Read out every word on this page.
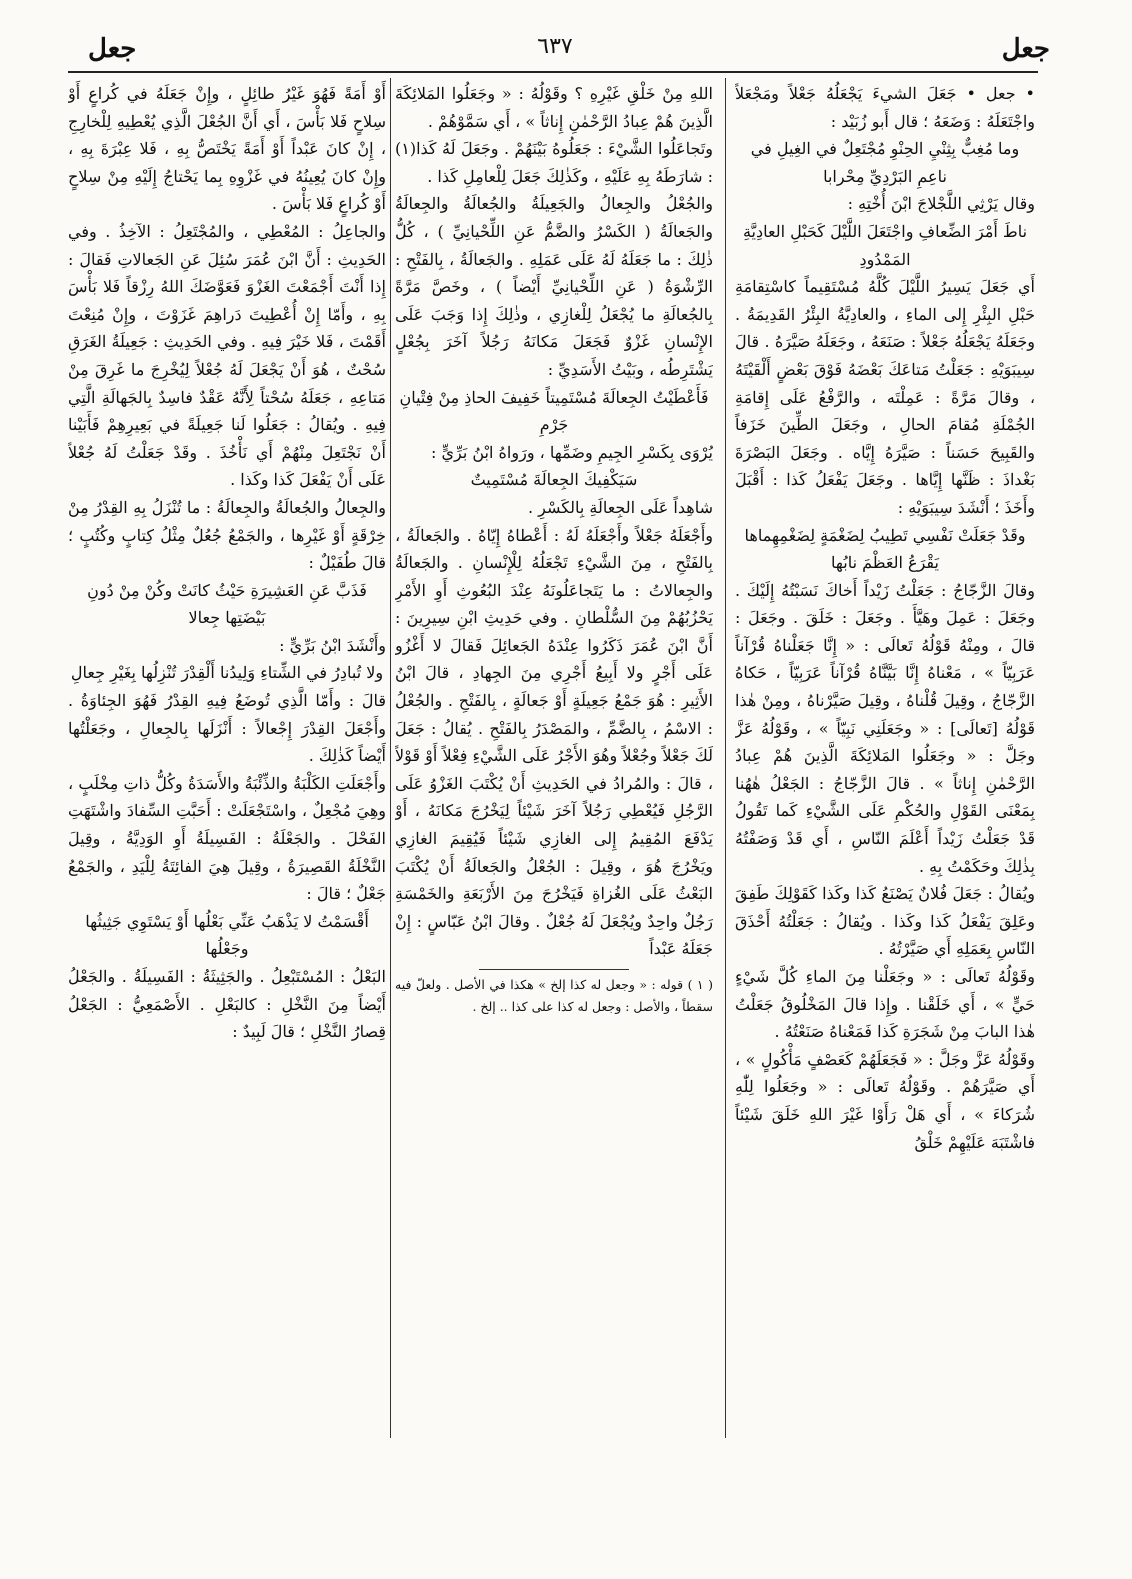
جعل	٦٣٧	جعل

• جعل • جَعَلَ الشيءَ يَجْعَلُهُ جَعْلاً ومَجْعَلاً واجْتَعَلَهُ : وَضَعَهُ ؛ قال أَبو زُبَيْد :

وما مُغِبٌّ بِثِنْيِ الحِنْوِ مُجْتَعِلٌ في الغِيلِ في ناعِمِ البَرْدِيِّ مِحْرابا

وقال يَرْثِي اللَّجْلاجَ ابْنَ أُخْتِهِ :

ناطَ أَمْرَ الضِّعافِ واجْتَعَلَ اللَّيْلَ كَحَبْلِ العادِيَّةِ المَمْدُودِ

أَي جَعَلَ يَسِيرُ اللَّيْلَ كُلَّهُ مُسْتَقِيماً كاسْتِقامَةِ حَبْلِ البِئْرِ إِلى الماءِ ، والعادِيَّةُ البِئْرُ القَدِيمَةُ . وجَعَلَهُ يَجْعَلُهُ جَعْلاً : صَنَعَهُ ، وجَعَلَهُ صَيَّرَهُ . قالَ سِيبَوَيْهِ : جَعَلْتُ مَتاعَكَ بَعْضَهُ فَوْقَ بَعْضٍ أَلْقَيْتَهُ ، وقالَ مَرَّةً : عَمِلْتَه ، والرَّفْعُ عَلَى إِقامَةِ الجُمْلَةِ مُقامَ الحالِ ، وجَعَلَ الطِّينَ خَزَفاً والقَبِيحَ حَسَناً : صَيَّرَهُ إِيَّاه . وجَعَلَ البَصْرَةَ بَغْداذَ : ظَنَّها إِيَّاها . وجَعَلَ يَفْعَلُ كَذا : أَقْبَلَ وأَخَذَ ؛ أَنْشَدَ سِيبَوَيْهِ :

وقَدْ جَعَلَتْ نَفْسِي تَطِيبُ لِضَغْمَةٍ لِضَغْمِهِماها يَقْرَعُ العَظْمَ نابُها

وقالَ الزَّجّاجُ : جَعَلْتُ زَيْداً أَخاكَ نَسَبْتُهُ إِلَيْكَ . وجَعَلَ : عَمِلَ وهَيَّأَ . وجَعَلَ : خَلَقَ . وجَعَلَ : قالَ ، ومِنْهُ قَوْلُهُ تَعالَى : « إِنَّا جَعَلْناهُ قُرْآناً عَرَبِيّاً » ، مَعْناهُ إِنَّا بَيَّنَّاهُ قُرْآناً عَرَبِيّاً ، حَكاهُ الزَّجّاجُ ، وقِيلَ قُلْناهُ ، وقِيلَ صَيَّرْناهُ ، ومِنْ هٰذا قَوْلُهُ [تَعالَى] : « وجَعَلَنِي نَبِيّاً » ، وقَوْلُهُ عَزَّ وجَلَّ : « وجَعَلُوا المَلائِكَةَ الَّذِينَ هُمْ عِبادُ الرَّحْمٰنِ إِناثاً » . قالَ الزَّجّاجُ : الجَعْلُ هٰهُنا بِمَعْنَى القَوْلِ والحُكْمِ عَلَى الشَّيْءِ كَما تَقُولُ قَدْ جَعَلْتُ زَيْداً أَعْلَمَ النّاسِ ، أَي قَدْ وَصَفْتُهُ بِذٰلِكَ وحَكَمْتُ بِهِ .

ويُقالُ : جَعَلَ فُلانٌ يَصْنَعُ كَذا وكَذا كَقَوْلِكَ طَفِقَ وعَلِقَ يَفْعَلُ كَذا وكَذا . ويُقالُ : جَعَلْتُهُ أَحْذَقَ النّاسِ بِعَمَلِهِ أَي صَيَّرْتُهُ .

وقَوْلُهُ تَعالَى : « وجَعَلْنا مِنَ الماءِ كُلَّ شَيْءٍ حَيٍّ » ، أَي خَلَقْنا . وإِذا قالَ المَخْلُوقُ جَعَلْتُ هٰذا البابَ مِنْ شَجَرَةِ كَذا فَمَعْناهُ صَنَعْتُهُ .

وقَوْلُهُ عَزَّ وجَلَّ : « فَجَعَلَهُمْ كَعَصْفٍ مَأْكُولٍ » ، أَي صَيَّرَهُمْ . وقَوْلُهُ تَعالَى : « وجَعَلُوا لِلّٰهِ شُرَكاءَ » ، أَي هَلْ رَأَوْا غَيْرَ اللهِ خَلَقَ شَيْئاً فاشْتَبَهَ عَلَيْهِمْ خَلْقُ

اللهِ مِنْ خَلْقِ غَيْرِهِ ؟ وقَوْلُهُ : « وجَعَلُوا المَلائِكَةَ الَّذِينَ هُمْ عِبادُ الرَّحْمٰنِ إِناثاً » ، أَي سَمَّوْهُمْ .

وتَجاعَلُوا الشَّيْءَ : جَعَلُوهُ بَيْنَهُمْ . وجَعَلَ لَهُ كَذا(١) : شارَطَهُ بِهِ عَلَيْهِ ، وكَذٰلِكَ جَعَلَ لِلْعامِلِ كَذا .

والجُعْلُ والجِعالُ والجَعِيلَةُ والجُعالَةُ والجِعالَةُ والجَعالَةُ ( الكَسْرُ والضَّمُّ عَنِ اللِّحْيانِيِّ ) ، كُلُّ ذٰلِكَ : ما جَعَلَهُ لَهُ عَلَى عَمَلِهِ . والجَعالَةُ ، بِالفَتْحِ : الرِّشْوَةُ ( عَنِ اللِّحْيانِيِّ أَيْضاً ) ، وخَصَّ مَرَّةً بِالجُعالَةِ ما يُجْعَلُ لِلْغازِي ، وذٰلِكَ إِذا وَجَبَ عَلَى الإِنْسانِ غَزْوٌ فَجَعَلَ مَكانَهُ رَجُلاً آخَرَ بِجُعْلٍ يَشْتَرِطُه ، وبَيْتُ الأَسَدِيِّ :

فَأَعْطَيْتُ الجِعالَةَ مُسْتَمِيتاً خَفِيفَ الحاذِ مِنْ فِتْيانِ جَرْمِ

يُرْوَى بِكَسْرِ الجِيمِ وضَمِّها ، ورَواهُ ابْنُ بَرِّيٍّ :

سَيَكْفِيكَ الجِعالَةَ مُسْتَمِيتٌ

شاهِداً عَلَى الجِعالَةِ بِالكَسْرِ .

وأَجْعَلَهُ جَعْلاً وأَجْعَلَهُ لَهُ : أَعْطاهُ إِيّاهُ . والجَعالَةُ ، بِالفَتْحِ ، مِنَ الشَّيْءِ تَجْعَلُهُ لِلْإِنْسانِ . والجَعالَةُ والجِعالاتُ : ما يَتَجاعَلُونَهُ عِنْدَ البُعُوثِ أَوِ الأَمْرِ يَحْزُبُهُمْ مِنَ السُّلْطانِ . وفي حَدِيثِ ابْنِ سِيرِينَ : أَنَّ ابْنَ عُمَرَ ذَكَرُوا عِنْدَهُ الجَعائِلَ فَقالَ لا أَغْزُو عَلَى أَجْرٍ ولا أَبِيعُ أَجْرِي مِنَ الجِهادِ ، قالَ ابْنُ الأَثِيرِ : هُوَ جَمْعُ جَعِيلَةٍ أَوْ جَعالَةٍ ، بِالفَتْحِ . والجُعْلُ : الاسْمُ ، بِالضَّمِّ ، والمَصْدَرُ بِالفَتْحِ . يُقالُ : جَعَلَ لَكَ جَعْلاً وجُعْلاً وهُوَ الأَجْرُ عَلَى الشَّيْءِ فِعْلاً أَوْ قَوْلاً ، قالَ : والمُرادُ في الحَدِيثِ أَنْ يُكْتَبَ الغَزْوُ عَلَى الرَّجُلِ فَيُعْطِي رَجُلاً آخَرَ شَيْئاً لِيَخْرُجَ مَكانَهُ ، أَوْ يَدْفَعَ المُقِيمُ إِلى الغازِي شَيْئاً فَيُقِيمَ الغازِي ويَخْرُجَ هُوَ ، وقِيلَ : الجُعْلُ والجَعالَةُ أَنْ يُكْتَبَ البَعْثُ عَلَى الغُزاةِ فَيَخْرُجَ مِنَ الأَرْبَعَةِ والخَمْسَةِ رَجُلٌ واحِدٌ ويُجْعَلَ لَهُ جُعْلٌ . وقالَ ابْنُ عَبّاسٍ : إِنْ جَعَلَهُ عَبْداً

( ١ ) قوله : « وجعل له كذا إلخ » هكذا في الأصل . ولعلّ فيه سقطاً ، والأصل : وجعل له كذا على كذا .. إلخ .

أَوْ أَمَةً فَهُوَ غَيْرُ طائِلٍ ، وإِنْ جَعَلَهُ في كُراعٍ أَوْ سِلاحٍ فَلا بَأْسَ ، أَي أَنَّ الجُعْلَ الَّذِي يُعْطِيهِ لِلْخارِجِ ، إِنْ كانَ عَبْداً أَوْ أَمَةً يَخْتَصُّ بِهِ ، فَلا عِبْرَةَ بِهِ ، وإِنْ كانَ يُعِينُهُ في غَزْوِهِ بِما يَحْتاجُ إِلَيْهِ مِنْ سِلاحٍ أَوْ كُراعٍ فَلا بَأْسَ .

والجاعِلُ : المُعْطِي ، والمُجْتَعِلُ : الآخِذُ . وفي الحَدِيثِ : أَنَّ ابْنَ عُمَرَ سُئِلَ عَنِ الجَعالاتِ فَقالَ : إِذا أَنْتَ أَجْمَعْتَ الغَزْوَ فَعَوَّضَكَ اللهُ رِزْقاً فَلا بَأْسَ بِهِ ، وأَمّا إِنْ أُعْطِيتَ دَراهِمَ غَزَوْتَ ، وإِنْ مُنِعْتَ أَقَمْتَ ، فَلا خَيْرَ فِيهِ . وفي الحَدِيثِ : جَعِيلَةُ الغَرَقِ سُحْتٌ ، هُوَ أَنْ يَجْعَلَ لَهُ جُعْلاً لِيُخْرِجَ ما غَرِقَ مِنْ مَتاعِهِ ، جَعَلَهُ سُحْتاً لِأَنَّهُ عَقْدٌ فاسِدٌ بِالجَهالَةِ الَّتِي فِيهِ . ويُقالُ : جَعَلُوا لَنا جَعِيلَةً في بَعِيرِهِمْ فَأَبَيْنا أَنْ نَجْتَعِلَ مِنْهُمْ أَي نَأْخُذَ . وقَدْ جَعَلْتُ لَهُ جُعْلاً عَلَى أَنْ يَفْعَلَ كَذا وكَذا .

والجِعالُ والجُعالَةُ والجِعالَةُ : ما تُنْزَلُ بِهِ القِدْرُ مِنْ خِرْقَةٍ أَوْ غَيْرِها ، والجَمْعُ جُعُلٌ مِثْلُ كِتابٍ وكُتُبٍ ؛ قالَ طُفَيْلٌ :

فَذَبَّ عَنِ العَشِيرَةِ حَيْثُ كانَتْ وكُنْ مِنْ دُونِ بَيْضَتِها جِعالا

وأَنْشَدَ ابْنُ بَرِّيٍّ :

ولا تُبادِرُ في الشِّتاءِ وَلِيدُنا أَلْقِدْرَ تُنْزِلُها بِغَيْرِ جِعالِ

قالَ : وأَمّا الَّذِي تُوضَعُ فِيهِ القِدْرُ فَهُوَ الجِئاوَةُ . وأَجْعَلَ القِدْرَ إِجْعالاً : أَنْزَلَها بِالجِعالِ ، وجَعَلْتُها أَيْضاً كَذٰلِكَ .

وأَجْعَلَتِ الكَلْبَةُ والذِّئْبَةُ والأَسَدَةُ وكُلُّ ذاتِ مِخْلَبٍ ، وهِيَ مُجْعِلٌ ، واسْتَجْعَلَتْ : أَحَبَّتِ السِّفادَ واشْتَهَتِ الفَحْلَ . والجَعْلَةُ : الفَسِيلَةُ أَوِ الوَدِيَّةُ ، وقِيلَ النَّخْلَةُ القَصِيرَةُ ، وقِيلَ هِيَ الفائِتَةُ لِلْيَدِ ، والجَمْعُ جَعْلٌ ؛ قالَ :

أَقْسَمْتُ لا يَذْهَبُ عَنِّي بَعْلُها أَوْ يَسْتَوِي جَثِيثُها وجَعْلُها

البَعْلُ : المُسْتَبْعِلُ . والجَثِيثَةُ : الفَسِيلَةُ . والجَعْلُ أَيْضاً مِنَ النَّخْلِ : كالبَعْلِ . الأَصْمَعِيُّ : الجَعْلُ قِصارُ النَّخْلِ ؛ قالَ لَبِيدٌ :
